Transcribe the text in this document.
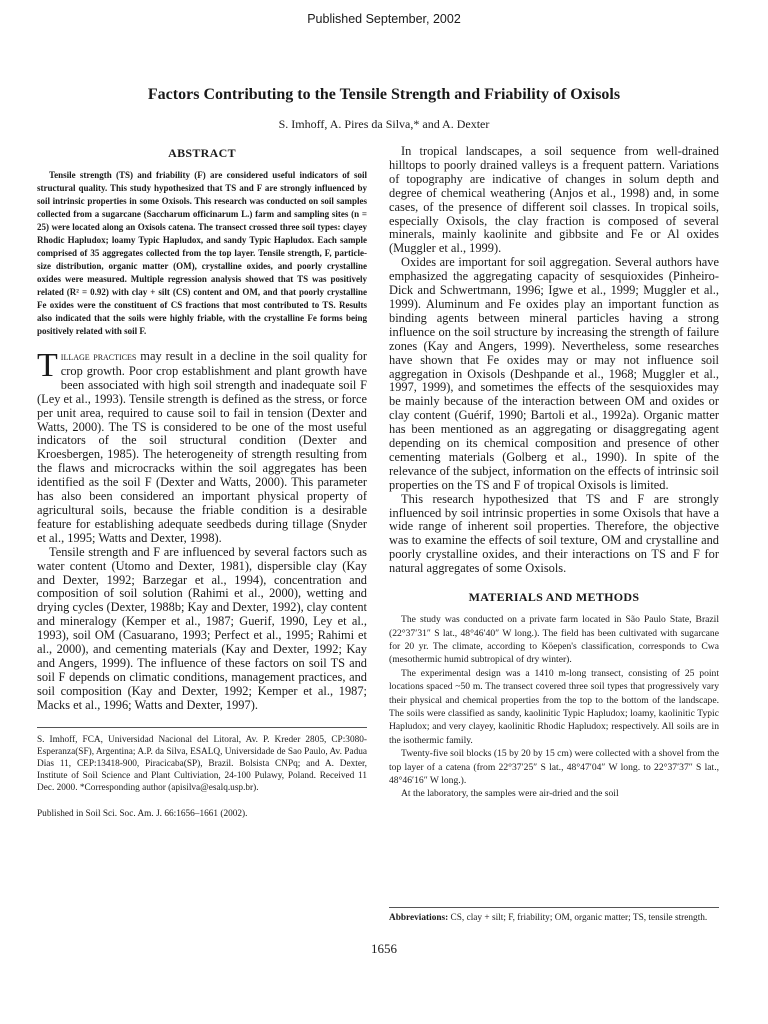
Published September, 2002
Factors Contributing to the Tensile Strength and Friability of Oxisols
S. Imhoff, A. Pires da Silva,* and A. Dexter
ABSTRACT

Tensile strength (TS) and friability (F) are considered useful indicators of soil structural quality. This study hypothesized that TS and F are strongly influenced by soil intrinsic properties in some Oxisols. This research was conducted on soil samples collected from a sugarcane (Saccharum officinarum L.) farm and sampling sites (n = 25) were located along an Oxisols catena. The transect crossed three soil types: clayey Rhodic Hapludox; loamy Typic Hapludox, and sandy Typic Hapludox. Each sample comprised of 35 aggregates collected from the top layer. Tensile strength, F, particle-size distribution, organic matter (OM), crystalline oxides, and poorly crystalline oxides were measured. Multiple regression analysis showed that TS was positively related (R² = 0.92) with clay + silt (CS) content and OM, and that poorly crystalline Fe oxides were the constituent of CS fractions that most contributed to TS. Results also indicated that the soils were highly friable, with the crystalline Fe forms being positively related with soil F.

Tillage practices may result in a decline in the soil quality for crop growth. Poor crop establishment and plant growth have been associated with high soil strength and inadequate soil F (Ley et al., 1993). Tensile strength is defined as the stress, or force per unit area, required to cause soil to fail in tension (Dexter and Watts, 2000). The TS is considered to be one of the most useful indicators of the soil structural condition (Dexter and Kroesbergen, 1985). The heterogeneity of strength resulting from the flaws and microcracks within the soil aggregates has been identified as the soil F (Dexter and Watts, 2000). This parameter has also been considered an important physical property of agricultural soils, because the friable condition is a desirable feature for establishing adequate seedbeds during tillage (Snyder et al., 1995; Watts and Dexter, 1998).

Tensile strength and F are influenced by several factors such as water content (Utomo and Dexter, 1981), dispersible clay (Kay and Dexter, 1992; Barzegar et al., 1994), concentration and composition of soil solution (Rahimi et al., 2000), wetting and drying cycles (Dexter, 1988b; Kay and Dexter, 1992), clay content and mineralogy (Kemper et al., 1987; Guerif, 1990, Ley et al., 1993), soil OM (Casuarano, 1993; Perfect et al., 1995; Rahimi et al., 2000), and cementing materials (Kay and Dexter, 1992; Kay and Angers, 1999). The influence of these factors on soil TS and soil F depends on climatic conditions, management practices, and soil composition (Kay and Dexter, 1992; Kemper et al., 1987; Macks et al., 1996; Watts and Dexter, 1997).

S. Imhoff, FCA, Universidad Nacional del Litoral, Av. P. Kreder 2805, CP:3080-Esperanza(SF), Argentina; A.P. da Silva, ESALQ, Universidade de Sao Paulo, Av. Padua Dias 11, CEP:13418-900, Piracicaba(SP), Brazil. Bolsista CNPq; and A. Dexter, Institute of Soil Science and Plant Cultiviation, 24-100 Pulawy, Poland. Received 11 Dec. 2000. *Corresponding author (apisilva@esalq.usp.br).

Published in Soil Sci. Soc. Am. J. 66:1656–1661 (2002).

In tropical landscapes, a soil sequence from well-drained hilltops to poorly drained valleys is a frequent pattern. Variations of topography are indicative of changes in solum depth and degree of chemical weathering (Anjos et al., 1998) and, in some cases, of the presence of different soil classes. In tropical soils, especially Oxisols, the clay fraction is composed of several minerals, mainly kaolinite and gibbsite and Fe or Al oxides (Muggler et al., 1999).

Oxides are important for soil aggregation. Several authors have emphasized the aggregating capacity of sesquioxides (Pinheiro-Dick and Schwertmann, 1996; Igwe et al., 1999; Muggler et al., 1999). Aluminum and Fe oxides play an important function as binding agents between mineral particles having a strong influence on the soil structure by increasing the strength of failure zones (Kay and Angers, 1999). Nevertheless, some researches have shown that Fe oxides may or may not influence soil aggregation in Oxisols (Deshpande et al., 1968; Muggler et al., 1997, 1999), and sometimes the effects of the sesquioxides may be mainly because of the interaction between OM and oxides or clay content (Guérif, 1990; Bartoli et al., 1992a). Organic matter has been mentioned as an aggregating or disaggregating agent depending on its chemical composition and presence of other cementing materials (Golberg et al., 1990). In spite of the relevance of the subject, information on the effects of intrinsic soil properties on the TS and F of tropical Oxisols is limited.

This research hypothesized that TS and F are strongly influenced by soil intrinsic properties in some Oxisols that have a wide range of inherent soil properties. Therefore, the objective was to examine the effects of soil texture, OM and crystalline and poorly crystalline oxides, and their interactions on TS and F for natural aggregates of some Oxisols.

MATERIALS AND METHODS

The study was conducted on a private farm located in São Paulo State, Brazil (22°37′31″ S lat., 48°46′40″ W long.). The field has been cultivated with sugarcane for 20 yr. The climate, according to Köepen's classification, corresponds to Cwa (mesothermic humid subtropical of dry winter).

The experimental design was a 1410 m-long transect, consisting of 25 point locations spaced ~50 m. The transect covered three soil types that progressively vary their physical and chemical properties from the top to the bottom of the landscape. The soils were classified as sandy, kaolinitic Typic Hapludox; loamy, kaolinitic Typic Hapludox; and very clayey, kaolinitic Rhodic Hapludox; respectively. All soils are in the isothermic family.

Twenty-five soil blocks (15 by 20 by 15 cm) were collected with a shovel from the top layer of a catena (from 22°37′25″ S lat., 48°47′04″ W long. to 22°37′37″ S lat., 48°46′16″ W long.).

At the laboratory, the samples were air-dried and the soil

Abbreviations: CS, clay + silt; F, friability; OM, organic matter; TS, tensile strength.
1656
